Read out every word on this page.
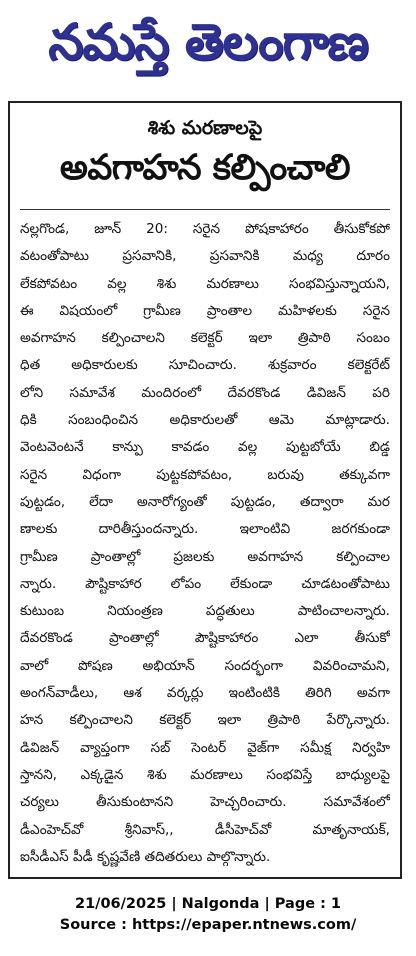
నమస్తే తెలంగాణ
శిశు మరణాలపై
అవగాహన కల్పించాలి
నల్లగొండ, జూన్ 20: సరైన పోషకాహారం తీసుకోకపో
వటంతోపాటు ప్రసవానికి, ప్రసవానికి మధ్య దూరం
లేకపోవటం వల్ల శిశు మరణాలు సంభవిస్తున్నాయని,
ఈ విషయంలో గ్రామీణ ప్రాంతాల మహిళలకు సరైన
అవగాహన కల్పించాలని కలెక్టర్ ఇలా త్రిపాఠి సంబం
ధిత అధికారులకు సూచించారు. శుక్రవారం కలెక్టరేట్
లోని సమావేశ మందిరంలో దేవరకొండ డివిజన్ పరి
ధికి సంబంధించిన అధికారులతో ఆమె మాట్లాడారు.
వెంటవెంటనే కాన్పు కావడం వల్ల పుట్టబోయే బిడ్డ
సరైన విధంగా పుట్టకపోవటం, బరువు తక్కువగా
పుట్టడం, లేదా అనారోగ్యంతో పుట్టడం, తద్వారా మర
ణాలకు దారితీస్తుందన్నారు. ఇలాంటివి జరగకుండా
గ్రామీణ ప్రాంతాల్లో ప్రజలకు అవగాహన కల్పించాల
న్నారు. పౌష్టికాహార లోపం లేకుండా చూడటంతోపాటు
కుటుంబ నియంత్రణ పద్ధతులు పాటించాలన్నారు.
దేవరకొండ ప్రాంతాల్లో పౌష్టికాహారం ఎలా తీసుకో
వాలో పోషణ అభియాన్ సందర్భంగా వివరించామని,
అంగన్‌వాడీలు, ఆశ వర్కర్లు ఇంటింటికి తిరిగి అవగా
హన కల్పించాలని కలెక్టర్ ఇలా త్రిపాఠి పేర్కొన్నారు.
డివిజన్ వ్యాప్తంగా సబ్ సెంటర్ వైజ్‌గా సమీక్ష నిర్వహి
స్తానని, ఎక్కడైన శిశు మరణాలు సంభవిస్తే బాధ్యులపై
చర్యలు తీసుకుంటానని హెచ్చరించారు. సమావేశంలో
డీఎంహెచ్‌వో శ్రీనివాస్,, డీసీహెచ్‌వో మాతృనాయక్,
ఐసీడీఎస్ పీడీ కృష్ణవేణి తదితరులు పాల్గొన్నారు.
21/06/2025 | Nalgonda | Page : 1
Source : https://epaper.ntnews.com/
